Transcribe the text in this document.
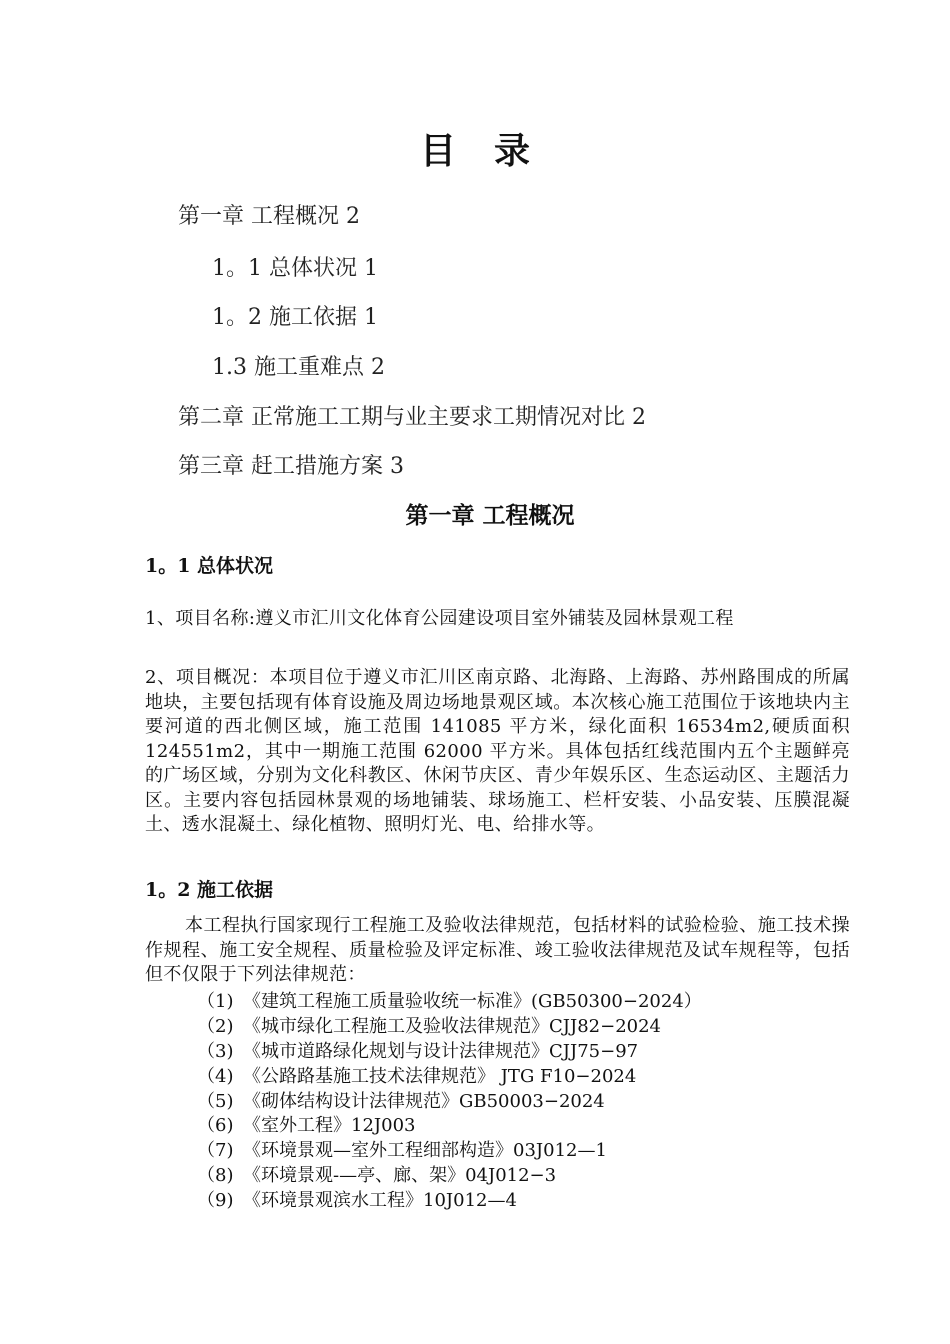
目录
第一章 工程概况 2
1。1 总体状况 1
1。2 施工依据 1
1.3 施工重难点 2
第二章 正常施工工期与业主要求工期情况对比 2
第三章 赶工措施方案 3
第一章 工程概况
1。1 总体状况

1、项目名称:遵义市汇川文化体育公园建设项目室外铺装及园林景观工程

2、项目概况：本项目位于遵义市汇川区南京路、北海路、上海路、苏州路围成的所属地块，主要包括现有体育设施及周边场地景观区域。本次核心施工范围位于该地块内主要河道的西北侧区域，施工范围 141085 平方米，绿化面积 16534m2,硬质面积 124551m2，其中一期施工范围 62000 平方米。具体包括红线范围内五个主题鲜亮的广场区域，分别为文化科教区、休闲节庆区、青少年娱乐区、生态运动区、主题活力区。主要内容包括园林景观的场地铺装、球场施工、栏杆安装、小品安装、压膜混凝土、透水混凝土、绿化植物、照明灯光、电、给排水等。

1。2 施工依据

本工程执行国家现行工程施工及验收法律规范，包括材料的试验检验、施工技术操作规程、施工安全规程、质量检验及评定标准、竣工验收法律规范及试车规程等，包括但不仅限于下列法律规范：

（1) 《建筑工程施工质量验收统一标准》(GB50300−2024）
（2) 《城市绿化工程施工及验收法律规范》CJJ82−2024
（3) 《城市道路绿化规划与设计法律规范》CJJ75−97
（4) 《公路路基施工技术法律规范》 JTG F10−2024
（5) 《砌体结构设计法律规范》GB50003−2024
（6) 《室外工程》12J003
（7) 《环境景观—室外工程细部构造》03J012—1
（8) 《环境景观-—亭、廊、架》04J012−3
（9) 《环境景观滨水工程》10J012—4
